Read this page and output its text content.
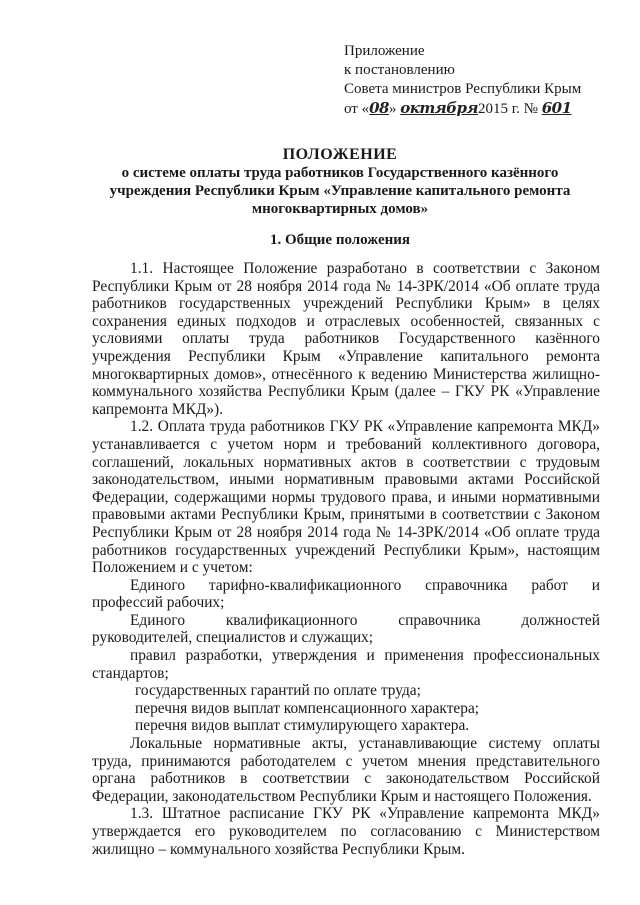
Приложение
к постановлению
Совета министров Республики Крым
от «08» октября2015 г. № 601
ПОЛОЖЕНИЕ
о системе оплаты труда работников Государственного казённого учреждения Республики Крым «Управление капитального ремонта многоквартирных домов»
1. Общие положения

1.1. Настоящее Положение разработано в соответствии с Законом Республики Крым от 28 ноября 2014 года № 14-ЗРК/2014 «Об оплате труда работников государственных учреждений Республики Крым» в целях сохранения единых подходов и отраслевых особенностей, связанных с условиями оплаты труда работников Государственного казённого учреждения Республики Крым «Управление капитального ремонта многоквартирных домов», отнесённого к ведению Министерства жилищно-коммунального хозяйства Республики Крым (далее – ГКУ РК «Управление капремонта МКД»).

1.2. Оплата труда работников ГКУ РК «Управление капремонта МКД» устанавливается с учетом норм и требований коллективного договора, соглашений, локальных нормативных актов в соответствии с трудовым законодательством, иными нормативным правовыми актами Российской Федерации, содержащими нормы трудового права, и иными нормативными правовыми актами Республики Крым, принятыми в соответствии с Законом Республики Крым от 28 ноября 2014 года № 14-ЗРК/2014 «Об оплате труда работников государственных учреждений Республики Крым», настоящим Положением и с учетом:

Единого тарифно-квалификационного справочника работ и

профессий рабочих;

Единого квалификационного справочника должностей

руководителей, специалистов и служащих;

правил разработки, утверждения и применения профессиональных стандартов;

государственных гарантий по оплате труда;

перечня видов выплат компенсационного характера;

перечня видов выплат стимулирующего характера.

Локальные нормативные акты, устанавливающие систему оплаты труда, принимаются работодателем с учетом мнения представительного органа работников в соответствии с законодательством Российской Федерации, законодательством Республики Крым и настоящего Положения.

1.3. Штатное расписание ГКУ РК «Управление капремонта МКД» утверждается его руководителем по согласованию с Министерством жилищно – коммунального хозяйства Республики Крым.
